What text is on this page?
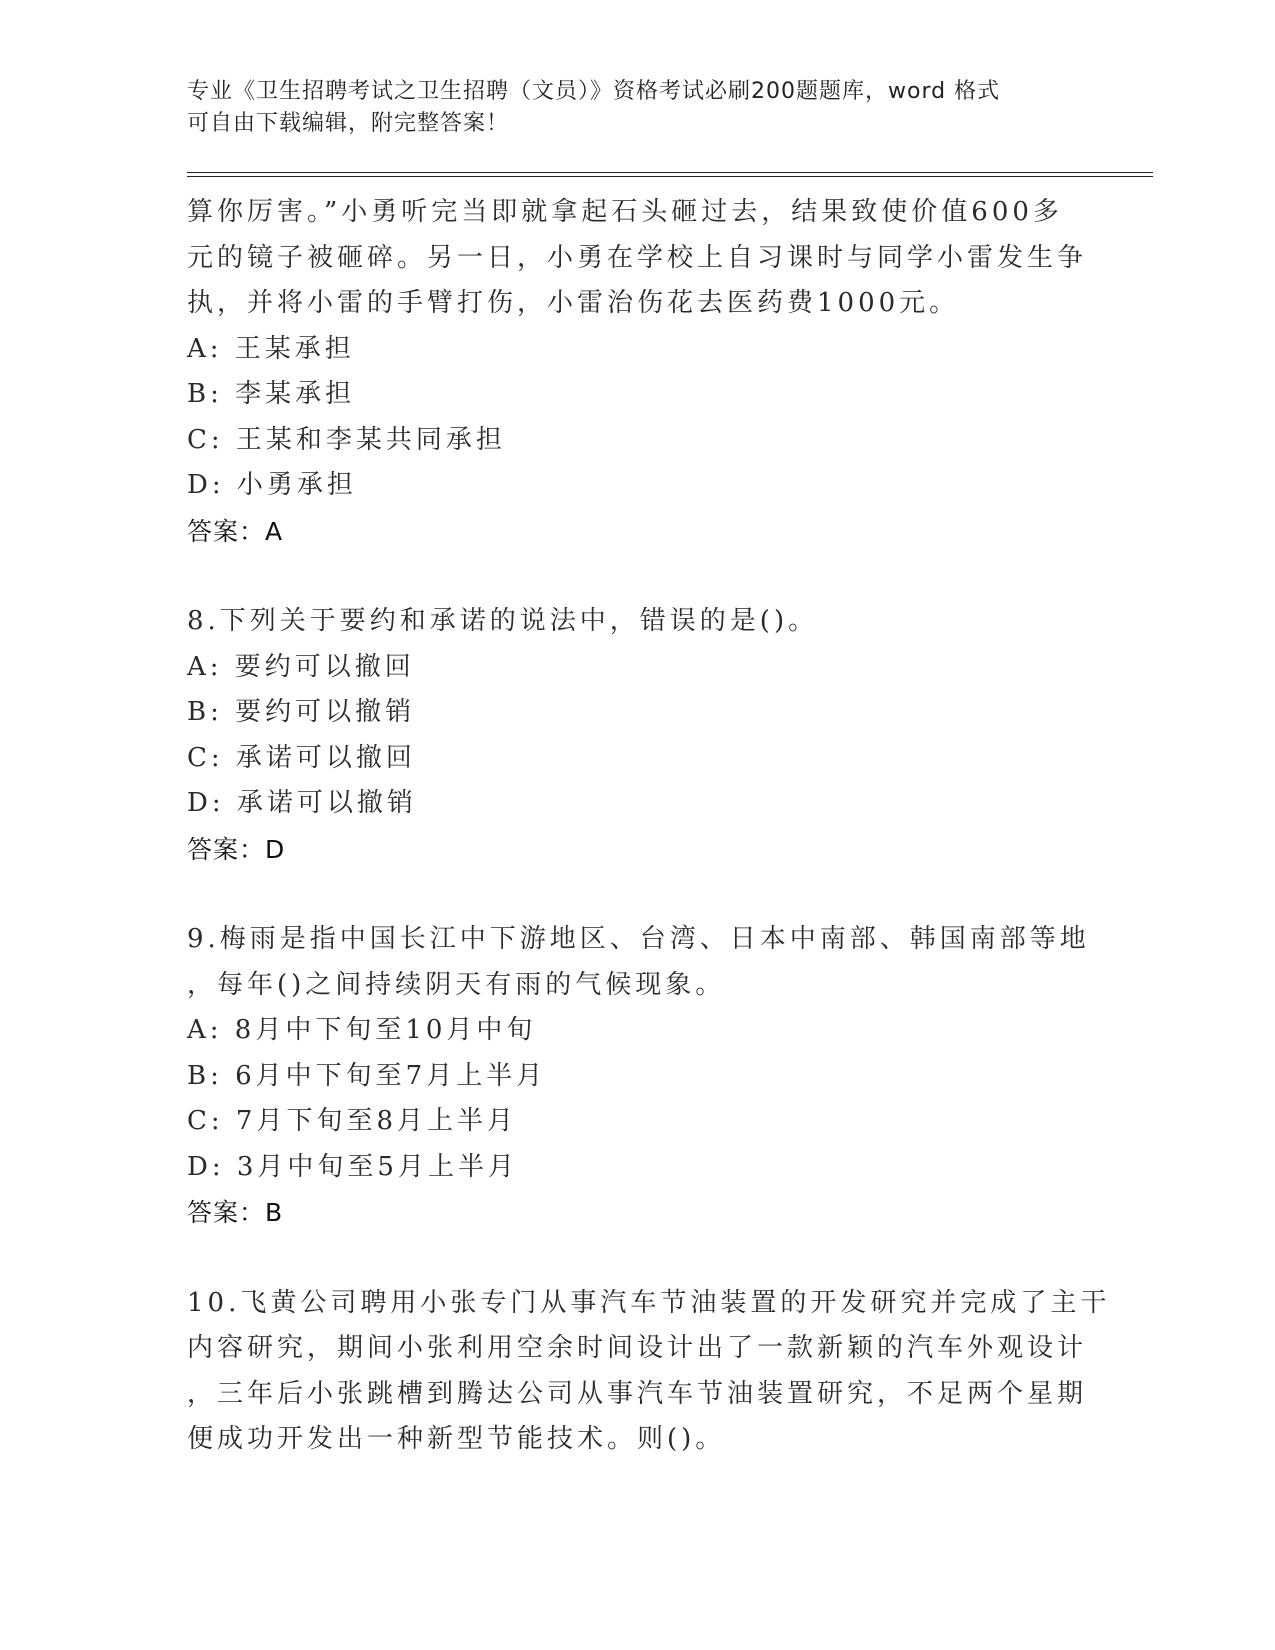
专业《卫生招聘考试之卫生招聘（文员）》资格考试必刷200题题库，word 格式
可自由下载编辑，附完整答案！
算你厉害。”小勇听完当即就拿起石头砸过去，结果致使价值600多
元的镜子被砸碎。另一日，小勇在学校上自习课时与同学小雷发生争
执，并将小雷的手臂打伤，小雷治伤花去医药费1000元。
A: 王某承担
B: 李某承担
C: 王某和李某共同承担
D: 小勇承担
答案：A
8.下列关于要约和承诺的说法中，错误的是()。
A: 要约可以撤回
B: 要约可以撤销
C: 承诺可以撤回
D: 承诺可以撤销
答案：D
9.梅雨是指中国长江中下游地区、台湾、日本中南部、韩国南部等地
，每年()之间持续阴天有雨的气候现象。
A: 8月中下旬至10月中旬
B: 6月中下旬至7月上半月
C: 7月下旬至8月上半月
D: 3月中旬至5月上半月
答案：B
10.飞黄公司聘用小张专门从事汽车节油装置的开发研究并完成了主干
内容研究，期间小张利用空余时间设计出了一款新颖的汽车外观设计
，三年后小张跳槽到腾达公司从事汽车节油装置研究，不足两个星期
便成功开发出一种新型节能技术。则()。
